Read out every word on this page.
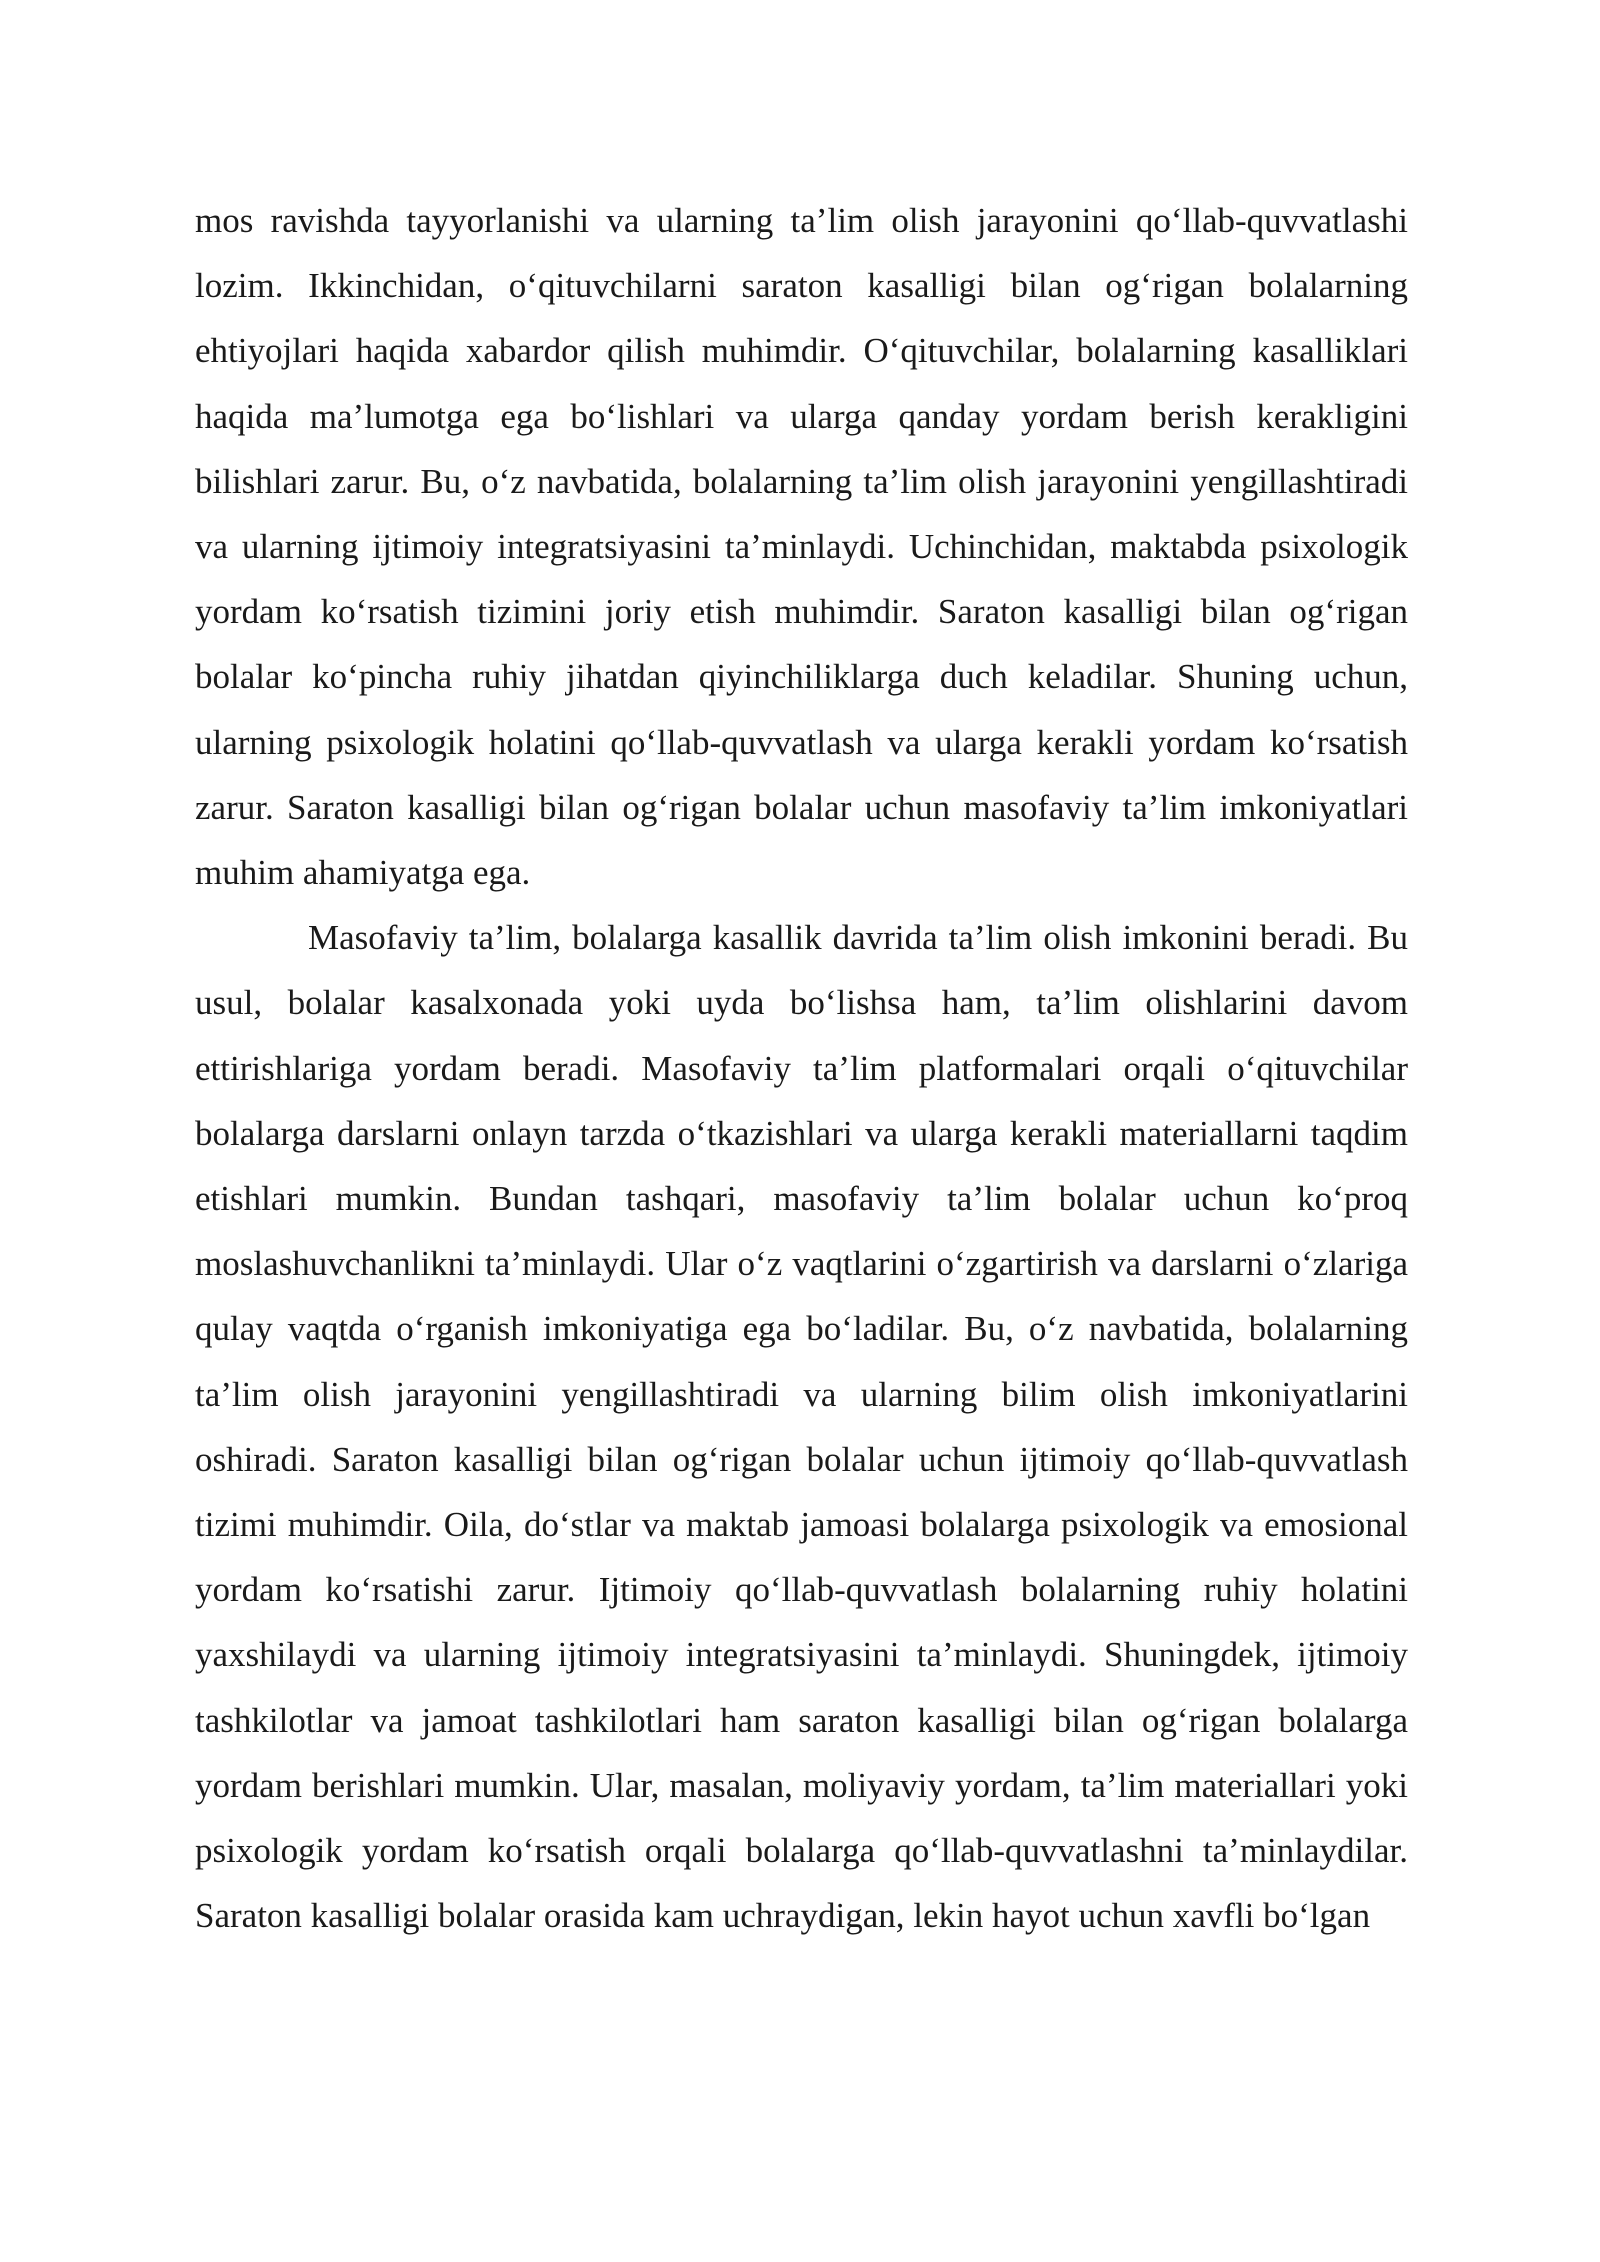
mos ravishda tayyorlanishi va ularning ta’lim olish jarayonini qo‘llab-quvvatlashi lozim. Ikkinchidan, o‘qituvchilarni saraton kasalligi bilan og‘rigan bolalarning ehtiyojlari haqida xabardor qilish muhimdir. O‘qituvchilar, bolalarning kasalliklari haqida ma’lumotga ega bo‘lishlari va ularga qanday yordam berish kerakligini bilishlari zarur. Bu, o‘z navbatida, bolalarning ta’lim olish jarayonini yengillashtiradi va ularning ijtimoiy integratsiyasini ta’minlaydi. Uchinchidan, maktabda psixologik yordam ko‘rsatish tizimini joriy etish muhimdir. Saraton kasalligi bilan og‘rigan bolalar ko‘pincha ruhiy jihatdan qiyinchiliklarga duch keladilar. Shuning uchun, ularning psixologik holatini qo‘llab-quvvatlash va ularga kerakli yordam ko‘rsatish zarur. Saraton kasalligi bilan og‘rigan bolalar uchun masofaviy ta’lim imkoniyatlari muhim ahamiyatga ega.

Masofaviy ta’lim, bolalarga kasallik davrida ta’lim olish imkonini beradi. Bu usul, bolalar kasalxonada yoki uyda bo‘lishsa ham, ta’lim olishlarini davom ettirishlariga yordam beradi. Masofaviy ta’lim platformalari orqali o‘qituvchilar bolalarga darslarni onlayn tarzda o‘tkazishlari va ularga kerakli materiallarni taqdim etishlari mumkin. Bundan tashqari, masofaviy ta’lim bolalar uchun ko‘proq moslashuvchanlikni ta’minlaydi. Ular o‘z vaqtlarini o‘zgartirish va darslarni o‘zlariga qulay vaqtda o‘rganish imkoniyatiga ega bo‘ladilar. Bu, o‘z navbatida, bolalarning ta’lim olish jarayonini yengillashtiradi va ularning bilim olish imkoniyatlarini oshiradi. Saraton kasalligi bilan og‘rigan bolalar uchun ijtimoiy qo‘llab-quvvatlash tizimi muhimdir. Oila, do‘stlar va maktab jamoasi bolalarga psixologik va emosional yordam ko‘rsatishi zarur. Ijtimoiy qo‘llab-quvvatlash bolalarning ruhiy holatini yaxshilaydi va ularning ijtimoiy integratsiyasini ta’minlaydi. Shuningdek, ijtimoiy tashkilotlar va jamoat tashkilotlari ham saraton kasalligi bilan og‘rigan bolalarga yordam berishlari mumkin. Ular, masalan, moliyaviy yordam, ta’lim materiallari yoki psixologik yordam ko‘rsatish orqali bolalarga qo‘llab-quvvatlashni ta’minlaydilar. Saraton kasalligi bolalar orasida kam uchraydigan, lekin hayot uchun xavfli bo‘lgan
